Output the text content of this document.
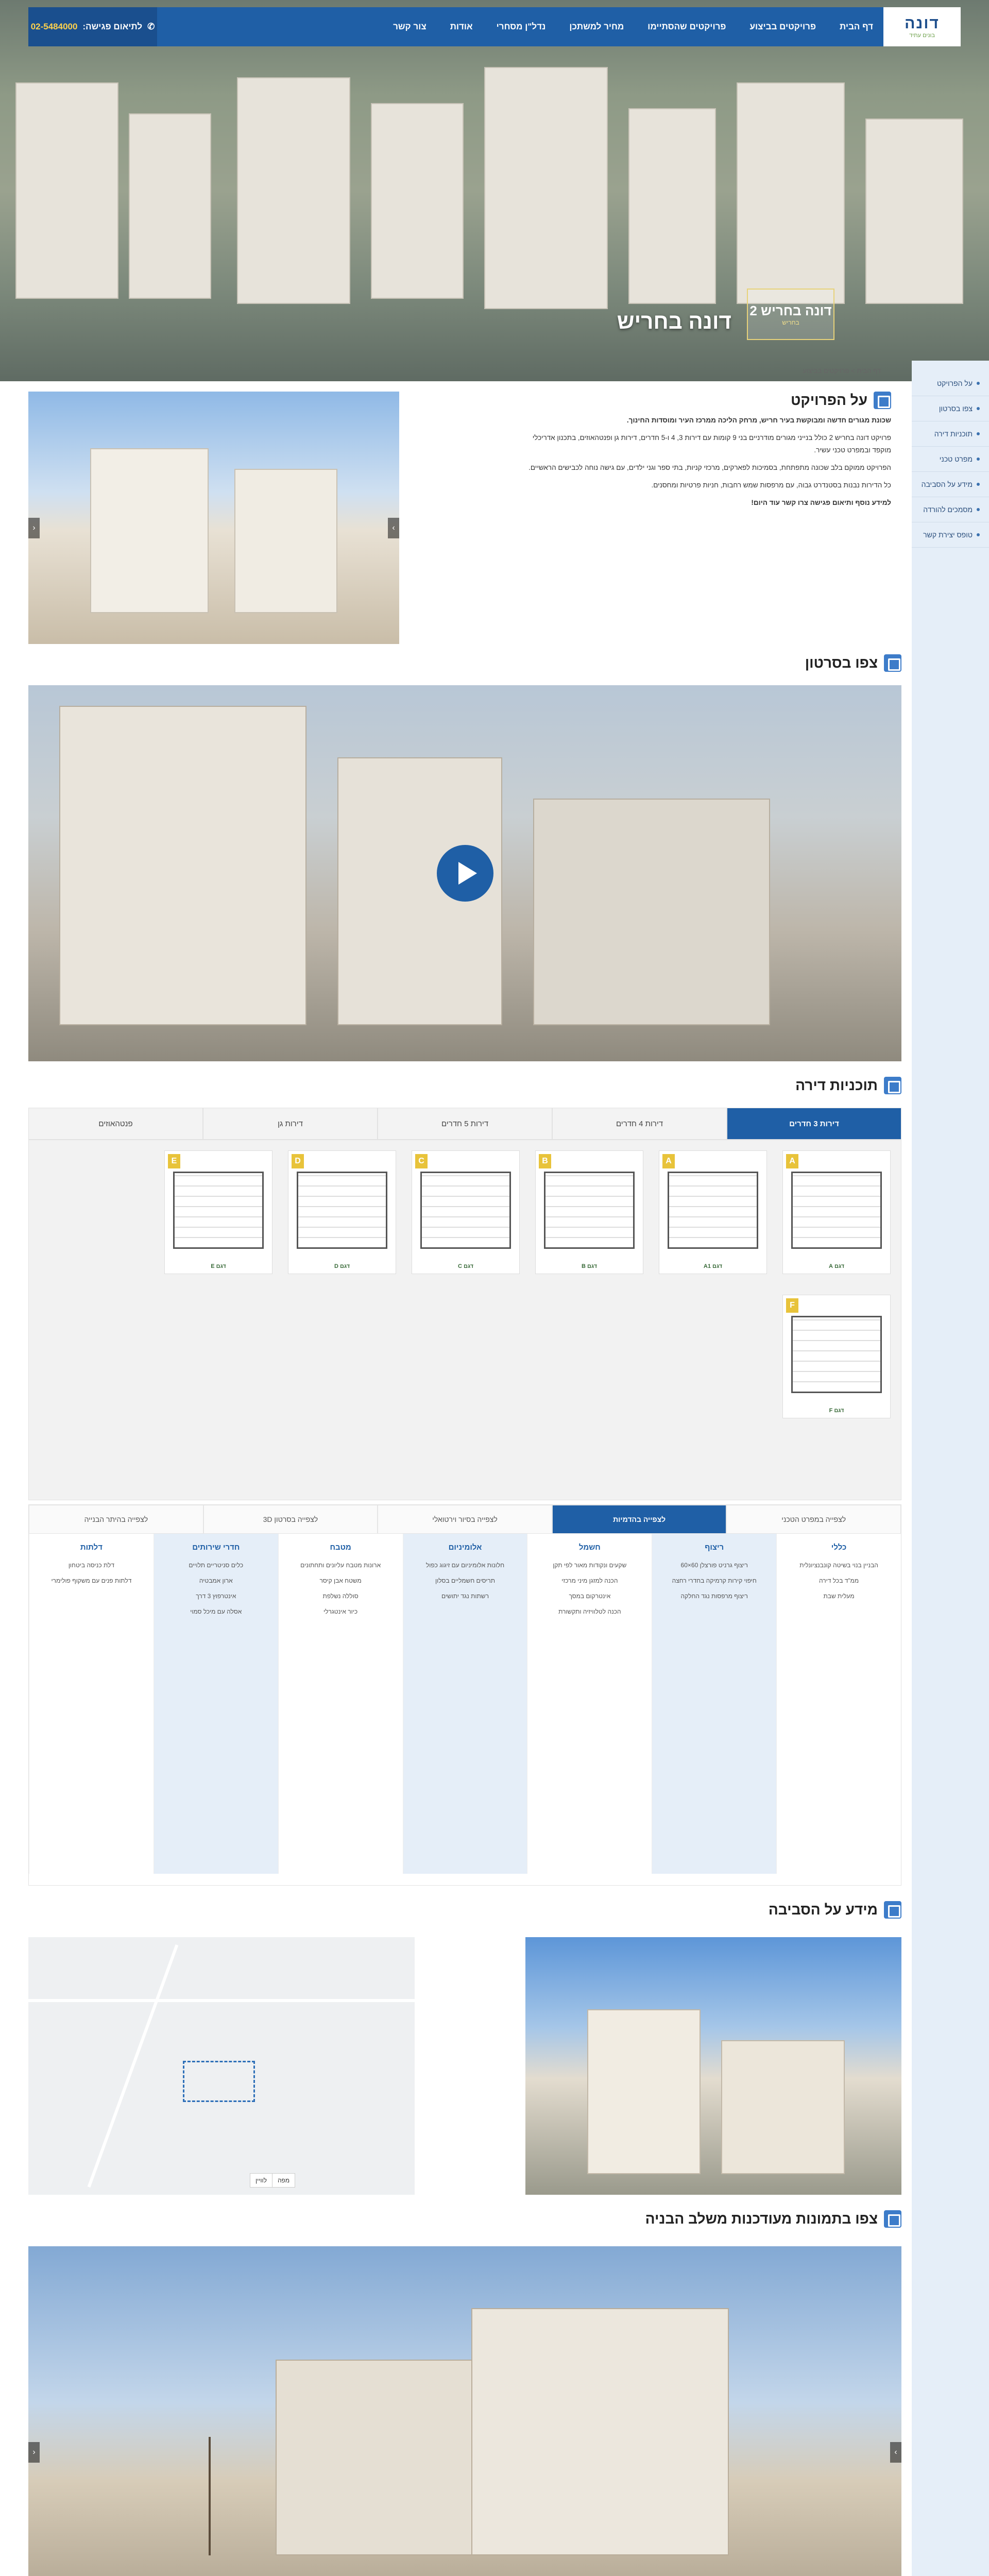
דונה
בונים עתיד
דף הבית
פרויקטים בביצוע
פרויקטים שהסתיימו
מחיר למשתכן
נדל"ן מסחרי
אודות
צור קשר
✆
לתיאום פגישה:
02-5484000
דונה בחריש 2
בחריש
דונה בחריש
על הפרויקט
צפו בסרטון
תוכניות דירה
מפרט טכני
מידע על הסביבה
מסמכים להורדה
טופס יצירת קשר
דף הבית > פרויקטים בביצוע
על הפרויקט

שכונת מגורים חדשה ומבוקשת בעיר חריש, מרחק הליכה ממרכז העיר ומוסדות החינוך.

פרויקט דונה בחריש 2 כולל בנייני מגורים מודרניים בני 9 קומות עם דירות 3, 4 ו-5 חדרים, דירות גן ופנטהאוזים, בתכנון אדריכלי מוקפד ובמפרט טכני עשיר.

הפרויקט ממוקם בלב שכונה מתפתחת, בסמיכות לפארקים, מרכזי קניות, בתי ספר וגני ילדים, עם גישה נוחה לכבישים הראשיים.

כל הדירות נבנות בסטנדרט גבוה, עם מרפסות שמש רחבות, חניות פרטיות ומחסנים.

למידע נוסף ותיאום פגישה צרו קשר עוד היום!

‹	›
צפו בסרטון
תוכניות דירה
דירות 3 חדרים
דירות 4 חדרים
דירות 5 חדרים
דירות גן
פנטהאוזים
A
דגם A
A
דגם A1
B
דגם B
C
דגם C
D
דגם D
E
דגם E
F
דגם F
לצפייה במפרט הטכני
לצפייה בהדמיות
לצפייה בסיור וירטואלי
לצפייה בסרטון 3D
לצפייה בהיתר הבנייה
כללי

הבניין בנוי בשיטה קונבנציונלית

ממ"ד בכל דירה

מעלית שבת

ריצוף

ריצוף גרניט פורצלן 60×60

חיפוי קירות קרמיקה בחדרי רחצה

ריצוף מרפסות נגד החלקה

חשמל

שקעים ונקודות מאור לפי תקן

הכנה למזגן מיני מרכזי

אינטרקום במסך

הכנה לטלוויזיה ותקשורת

אלומיניום

חלונות אלומיניום עם זיגוג כפול

תריסים חשמליים בסלון

רשתות נגד יתושים

מטבח

ארונות מטבח עליונים ותחתונים

משטח אבן קיסר

סוללה נשלפת

כיור אינטגרלי

חדרי שירותים

כלים סניטריים תלויים

ארון אמבטיה

אינטרפוץ 3 דרך

אסלה עם מיכל סמוי

דלתות

דלת כניסה ביטחון

דלתות פנים עם משקוף פולימרי

מידע על הסביבה
מפה
לוויין
צפו בתמונות מעודכנות משלב הבניה
‹	›
